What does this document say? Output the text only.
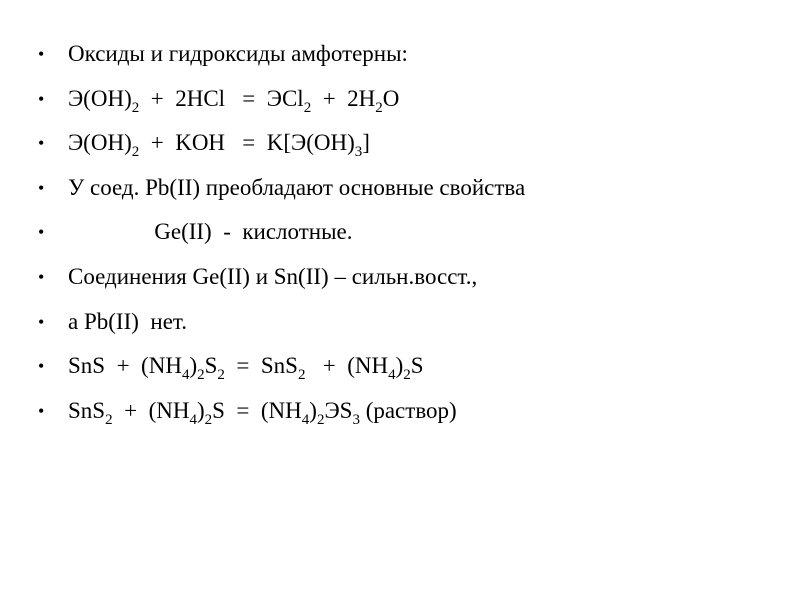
• Оксиды и гидроксиды амфотерны:
• $Э(OH)_2 + 2HCl = ЭCl_2 + 2H_2O$
• $Э(OH)_2$  +  KOH   =  $K[Э(OH)_3]$
• У соед. Pb(II) преобладают основные свойства
• Ge(II)  -  кислотные.
• Соединения Ge(II) и Sn(II) – сильн.восст.,
• а Pb(II)  нет.
• SnS  +  $(NH_4)_2S_2 = SnS_2 + (NH_4)_2S$
• $SnS_2 + (NH_4)_2S = (NH_4)_2ЭS_3$ (раствор)
